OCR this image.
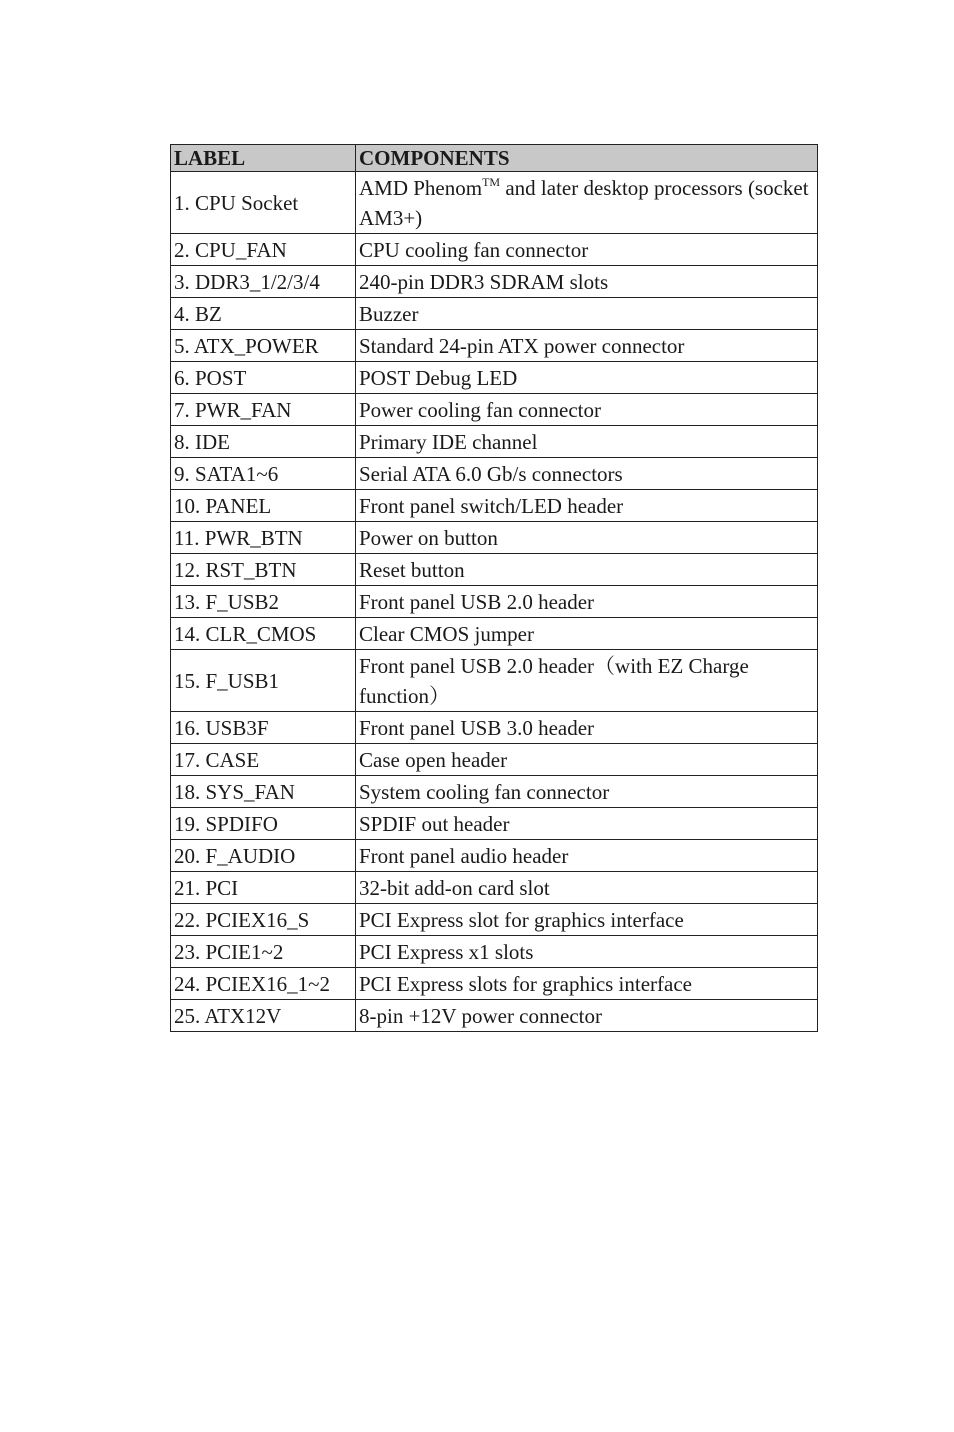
LABEL	COMPONENTS
1. CPU Socket	AMD Phenom™ and later desktop processors (socket AM3+)
2. CPU_FAN	CPU cooling fan connector
3. DDR3_1/2/3/4	240-pin DDR3 SDRAM slots
4. BZ	Buzzer
5. ATX_POWER	Standard 24-pin ATX power connector
6. POST	POST Debug LED
7. PWR_FAN	Power cooling fan connector
8. IDE	Primary IDE channel
9. SATA1~6	Serial ATA 6.0 Gb/s connectors
10. PANEL	Front panel switch/LED header
11. PWR_BTN	Power on button
12. RST_BTN	Reset button
13. F_USB2	Front panel USB 2.0 header
14. CLR_CMOS	Clear CMOS jumper
15. F_USB1	Front panel USB 2.0 header（with EZ Charge function）
16. USB3F	Front panel USB 3.0 header
17. CASE	Case open header
18. SYS_FAN	System cooling fan connector
19. SPDIFO	SPDIF out header
20. F_AUDIO	Front panel audio header
21. PCI	32-bit add-on card slot
22. PCIEX16_S	PCI Express slot for graphics interface
23. PCIE1~2	PCI Express x1 slots
24. PCIEX16_1~2	PCI Express slots for graphics interface
25. ATX12V	8-pin +12V power connector
